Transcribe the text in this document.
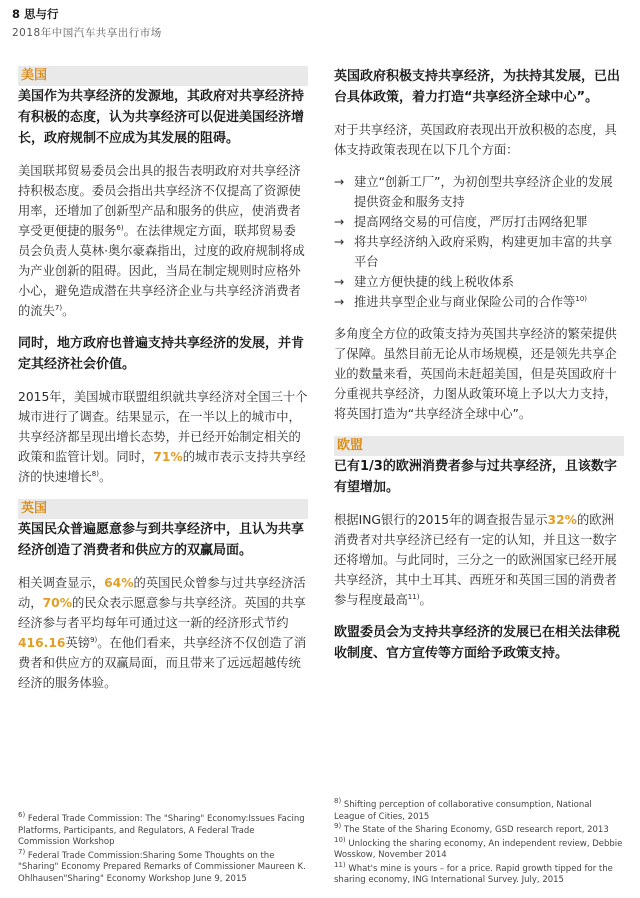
8 思与行
2018年中国汽车共享出行市场
美国

美国作为共享经济的发源地，其政府对共享经济持有积极的态度，认为共享经济可以促进美国经济增长，政府规制不应成为其发展的阻碍。

美国联邦贸易委员会出具的报告表明政府对共享经济持积极态度。委员会指出共享经济不仅提高了资源使用率，还增加了创新型产品和服务的供应，使消费者享受更便捷的服务$^{6)}$。在法律规定方面，联邦贸易委员会负责人莫林·奥尔豪森指出，过度的政府规制将成为产业创新的阻碍。因此，当局在制定规则时应格外小心，避免造成潜在共享经济企业与共享经济消费者的流失$^{7)}$。

同时，地方政府也普遍支持共享经济的发展，并肯定其经济社会价值。

2015年，美国城市联盟组织就共享经济对全国三十个城市进行了调查。结果显示，在一半以上的城市中，共享经济都呈现出增长态势，并已经开始制定相关的政策和监管计划。同时，71%的城市表示支持共享经济的快速增长$^{8)}$。

英国

英国民众普遍愿意参与到共享经济中，且认为共享经济创造了消费者和供应方的双赢局面。

相关调查显示，64%的英国民众曾参与过共享经济活动，70%的民众表示愿意参与共享经济。英国的共享经济参与者平均每年可通过这一新的经济形式节约416.16英镑$^{9)}$。在他们看来，共享经济不仅创造了消费者和供应方的双赢局面，而且带来了远远超越传统经济的服务体验。

$^{6)}$ Federal Trade Commission: The "Sharing" Economy:Issues Facing Platforms, Participants, and Regulators, A Federal Trade Commission Workshop
$^{7)}$ Federal Trade Commission:Sharing Some Thoughts on the "Sharing" Economy Prepared Remarks of Commissioner Maureen K. Ohlhausen"Sharing" Economy Workshop June 9, 2015

英国政府积极支持共享经济，为扶持其发展，已出台具体政策，着力打造“共享经济全球中心”。

对于共享经济，英国政府表现出开放积极的态度，具体支持政策表现在以下几个方面：

→ 建立“创新工厂”，为初创型共享经济企业的发展提供资金和服务支持
→ 提高网络交易的可信度，严厉打击网络犯罪
→ 将共享经济纳入政府采购，构建更加丰富的共享平台
→ 建立方便快捷的线上税收体系
→ 推进共享型企业与商业保险公司的合作等$^{10)}$

多角度全方位的政策支持为英国共享经济的繁荣提供了保障。虽然目前无论从市场规模，还是领先共享企业的数量来看，英国尚未赶超美国，但是英国政府十分重视共享经济，力图从政策环境上予以大力支持，将英国打造为“共享经济全球中心”。

欧盟

已有1/3的欧洲消费者参与过共享经济，且该数字有望增加。

根据ING银行的2015年的调查报告显示32%的欧洲消费者对共享经济已经有一定的认知，并且这一数字还将增加。与此同时，三分之一的欧洲国家已经开展共享经济，其中土耳其、西班牙和英国三国的消费者参与程度最高$^{11)}$。

欧盟委员会为支持共享经济的发展已在相关法律税收制度、官方宣传等方面给予政策支持。

$^{8)}$ Shifting perception of collaborative consumption, National League of Cities, 2015
$^{9)}$ The State of the Sharing Economy, GSD research report, 2013
$^{10)}$ Unlocking the sharing economy, An independent review, Debbie Wosskow, November 2014
$^{11)}$ What's mine is yours – for a price. Rapid growth tipped for the sharing economy, ING International Survey. July, 2015
